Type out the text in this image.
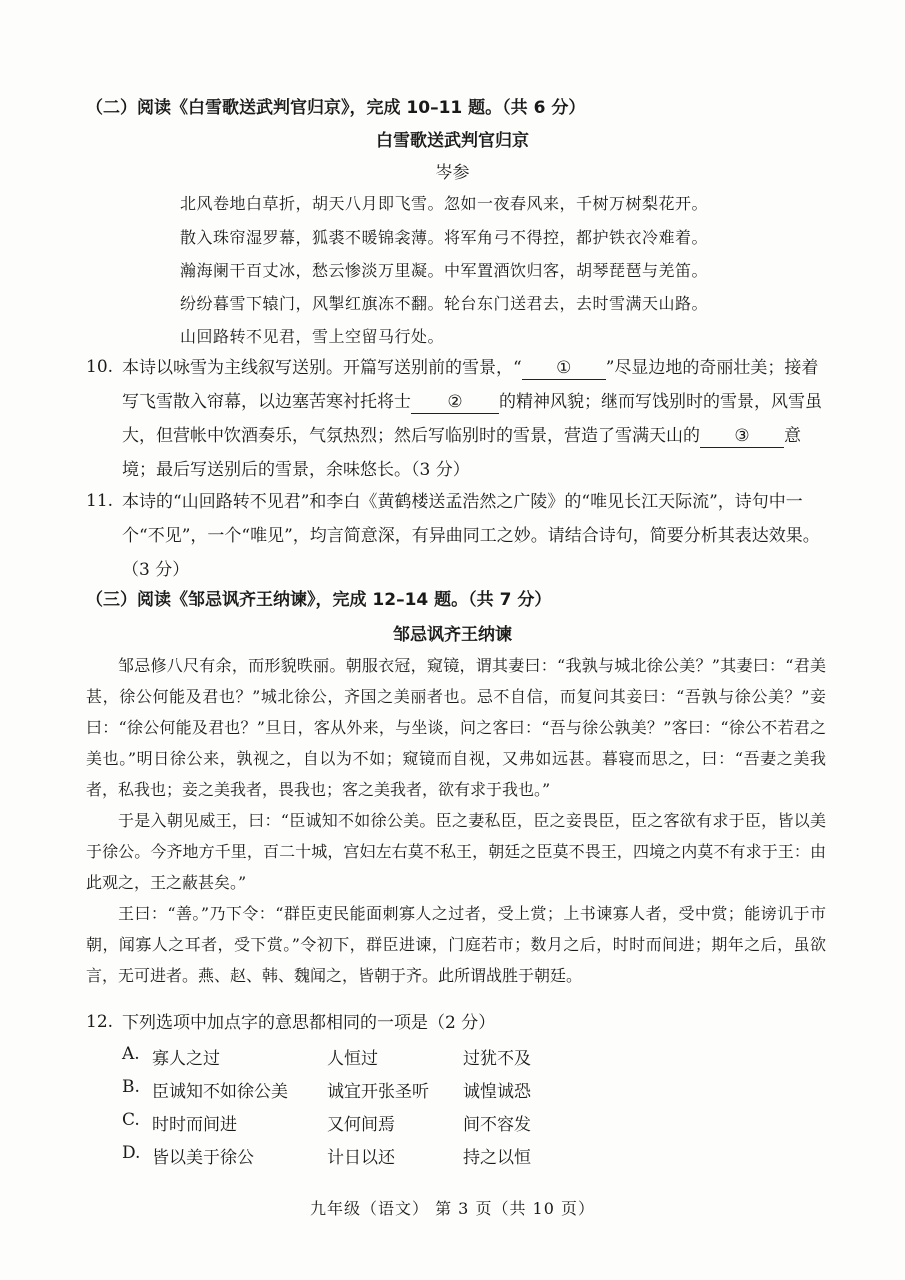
（二）阅读《白雪歌送武判官归京》，完成 10–11 题。（共 6 分）
白雪歌送武判官归京
岑参
北风卷地白草折，胡天八月即飞雪。忽如一夜春风来，千树万树梨花开。
散入珠帘湿罗幕，狐裘不暖锦衾薄。将军角弓不得控，都护铁衣冷难着。
瀚海阑干百丈冰，愁云惨淡万里凝。中军置酒饮归客，胡琴琵琶与羌笛。
纷纷暮雪下辕门，风掣红旗冻不翻。轮台东门送君去，去时雪满天山路。
山回路转不见君，雪上空留马行处。
10. 本诗以咏雪为主线叙写送别。开篇写送别前的雪景，“ ① ”尽显边地的奇丽壮美；接着写飞雪散入帘幕，以边塞苦寒衬托将士 ② 的精神风貌；继而写饯别时的雪景，风雪虽大，但营帐中饮酒奏乐，气氛热烈；然后写临别时的雪景，营造了雪满天山的 ③ 意境；最后写送别后的雪景，余味悠长。（3 分）
11. 本诗的“山回路转不见君”和李白《黄鹤楼送孟浩然之广陵》的“唯见长江天际流”，诗句中一个“不见”，一个“唯见”，均言简意深，有异曲同工之妙。请结合诗句，简要分析其表达效果。（3 分）
（三）阅读《邹忌讽齐王纳谏》，完成 12–14 题。（共 7 分）
邹忌讽齐王纳谏

邹忌修八尺有余，而形貌昳丽。朝服衣冠，窥镜，谓其妻曰：“我孰与城北徐公美？”其妻曰：“君美甚，徐公何能及君也？”城北徐公，齐国之美丽者也。忌不自信，而复问其妾曰：“吾孰与徐公美？”妾曰：“徐公何能及君也？”旦日，客从外来，与坐谈，问之客曰：“吾与徐公孰美？”客曰：“徐公不若君之美也。”明日徐公来，孰视之，自以为不如；窥镜而自视，又弗如远甚。暮寝而思之，曰：“吾妻之美我者，私我也；妾之美我者，畏我也；客之美我者，欲有求于我也。”

于是入朝见威王，曰：“臣诚知不如徐公美。臣之妻私臣，臣之妾畏臣，臣之客欲有求于臣，皆以美于徐公。今齐地方千里，百二十城，宫妇左右莫不私王，朝廷之臣莫不畏王，四境之内莫不有求于王：由此观之，王之蔽甚矣。”

王曰：“善。”乃下令：“群臣吏民能面刺寡人之过者，受上赏；上书谏寡人者，受中赏；能谤讥于市朝，闻寡人之耳者，受下赏。”令初下，群臣进谏，门庭若市；数月之后，时时而间进；期年之后，虽欲言，无可进者。燕、赵、韩、魏闻之，皆朝于齐。此所谓战胜于朝廷。

12. 下列选项中加点字的意思都相同的一项是（2 分）
A. 寡人之过	人恒过	过犹不及
B. 臣诚知不如徐公美 诚宜开张圣听 诚惶诚恐
C. 时时而间进	又何间焉	间不容发
D. 皆以美于徐公	计日以还	持之以恒
九年级（语文） 第 3 页（共 10 页）
